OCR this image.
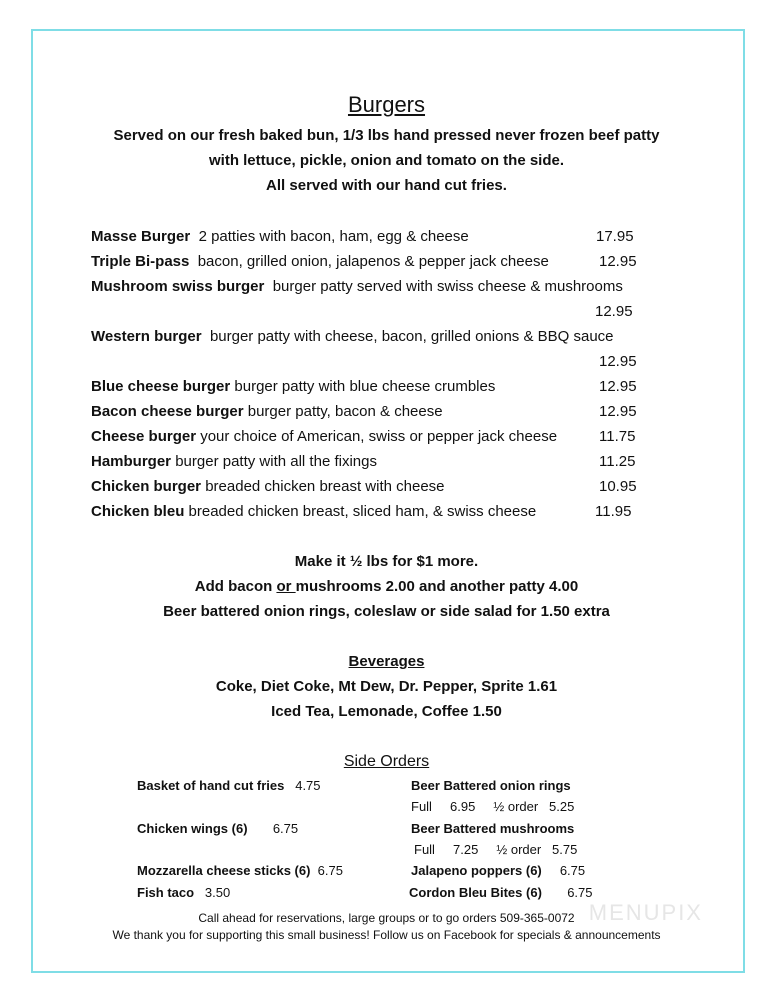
Burgers
Served on our fresh baked bun, 1/3 lbs hand pressed never frozen beef patty
with lettuce, pickle, onion and tomato on the side.
All served with our hand cut fries.
Masse Burger 2 patties with bacon, ham, egg & cheese	17.95
Triple Bi-pass bacon, grilled onion, jalapenos & pepper jack cheese	12.95
Mushroom swiss burger burger patty served with swiss cheese & mushrooms
12.95
Western burger burger patty with cheese, bacon, grilled onions & BBQ sauce
12.95
Blue cheese burger burger patty with blue cheese crumbles	12.95
Bacon cheese burger burger patty, bacon & cheese	12.95
Cheese burger your choice of American, swiss or pepper jack cheese	11.75
Hamburger burger patty with all the fixings	11.25
Chicken burger breaded chicken breast with cheese	10.95
Chicken bleu breaded chicken breast, sliced ham, & swiss cheese	11.95
Make it ½ lbs for $1 more.
Add bacon or mushrooms 2.00 and another patty 4.00
Beer battered onion rings, coleslaw or side salad for 1.50 extra
Beverages
Coke, Diet Coke, Mt Dew, Dr. Pepper, Sprite 1.61
Iced Tea, Lemonade, Coffee 1.50
Side Orders
Basket of hand cut fries 4.75
Chicken wings (6) 6.75
Mozzarella cheese sticks (6) 6.75
Fish taco 3.50
Beer Battered onion rings
Full 6.95 ½ order 5.25
Beer Battered mushrooms
Full 7.25 ½ order 5.75
Jalapeno poppers (6) 6.75
Cordon Bleu Bites (6) 6.75
Call ahead for reservations, large groups or to go orders 509-365-0072
We thank you for supporting this small business! Follow us on Facebook for specials & announcements
MENUPIX
